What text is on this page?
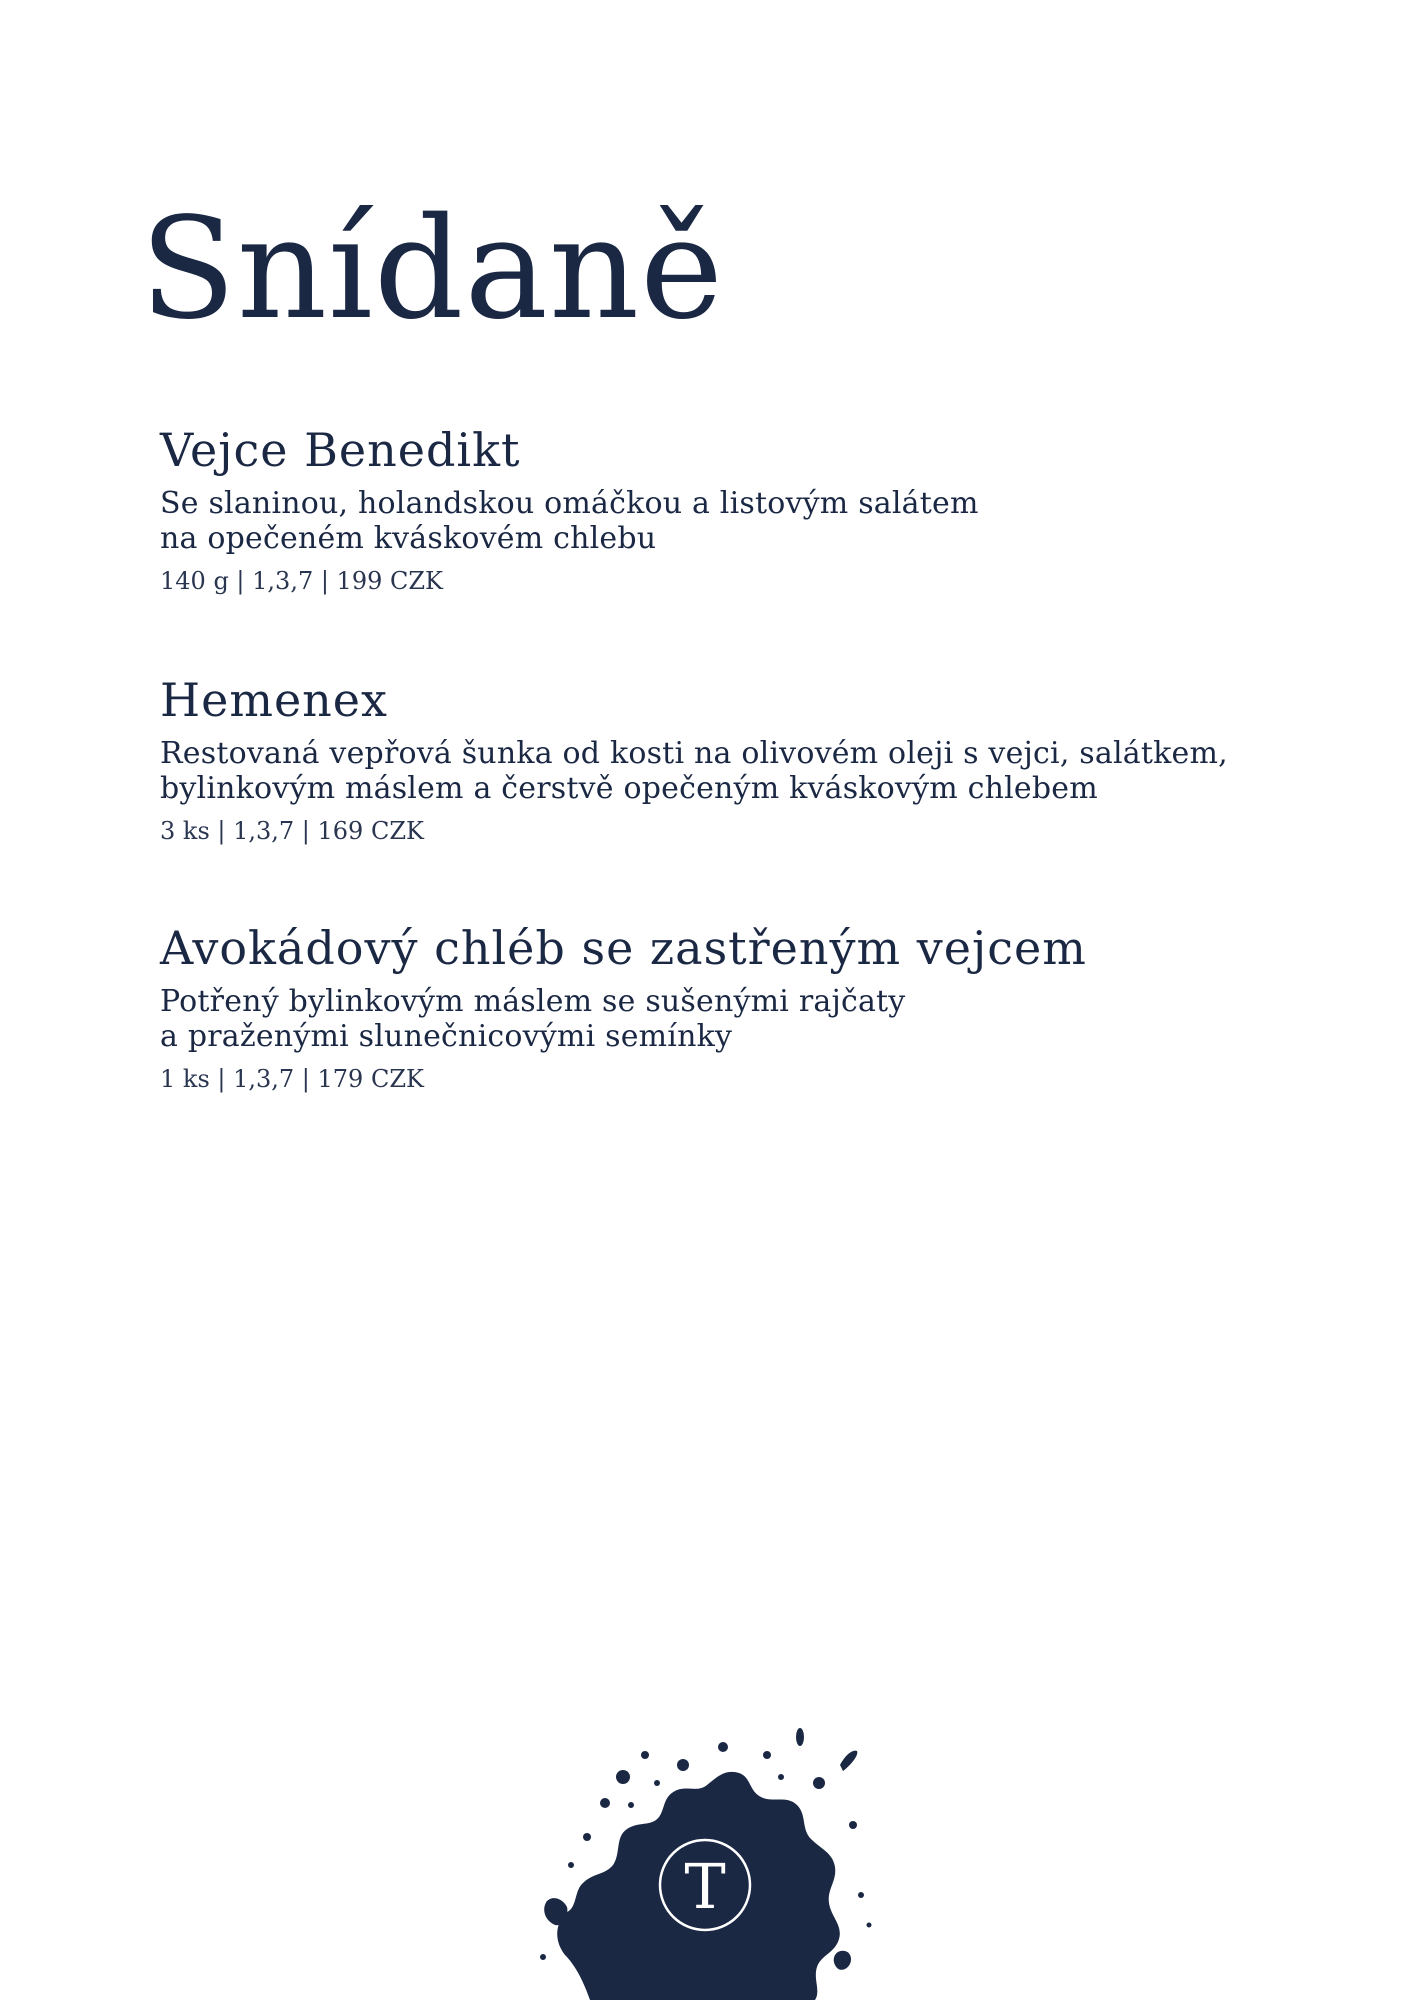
Snídaně
Vejce Benedikt

Se slaninou, holandskou omáčkou a listovým salátem
na opečeném kváskovém chlebu

140 g | 1,3,7 | 199 CZK

Hemenex

Restovaná vepřová šunka od kosti na olivovém oleji s vejci, salátkem,
bylinkovým máslem a čerstvě opečeným kváskovým chlebem

3 ks | 1,3,7 | 169 CZK

Avokádový chléb se zastřeným vejcem

Potřený bylinkovým máslem se sušenými rajčaty
a praženými slunečnicovými semínky

1 ks | 1,3,7 | 179 CZK

T
